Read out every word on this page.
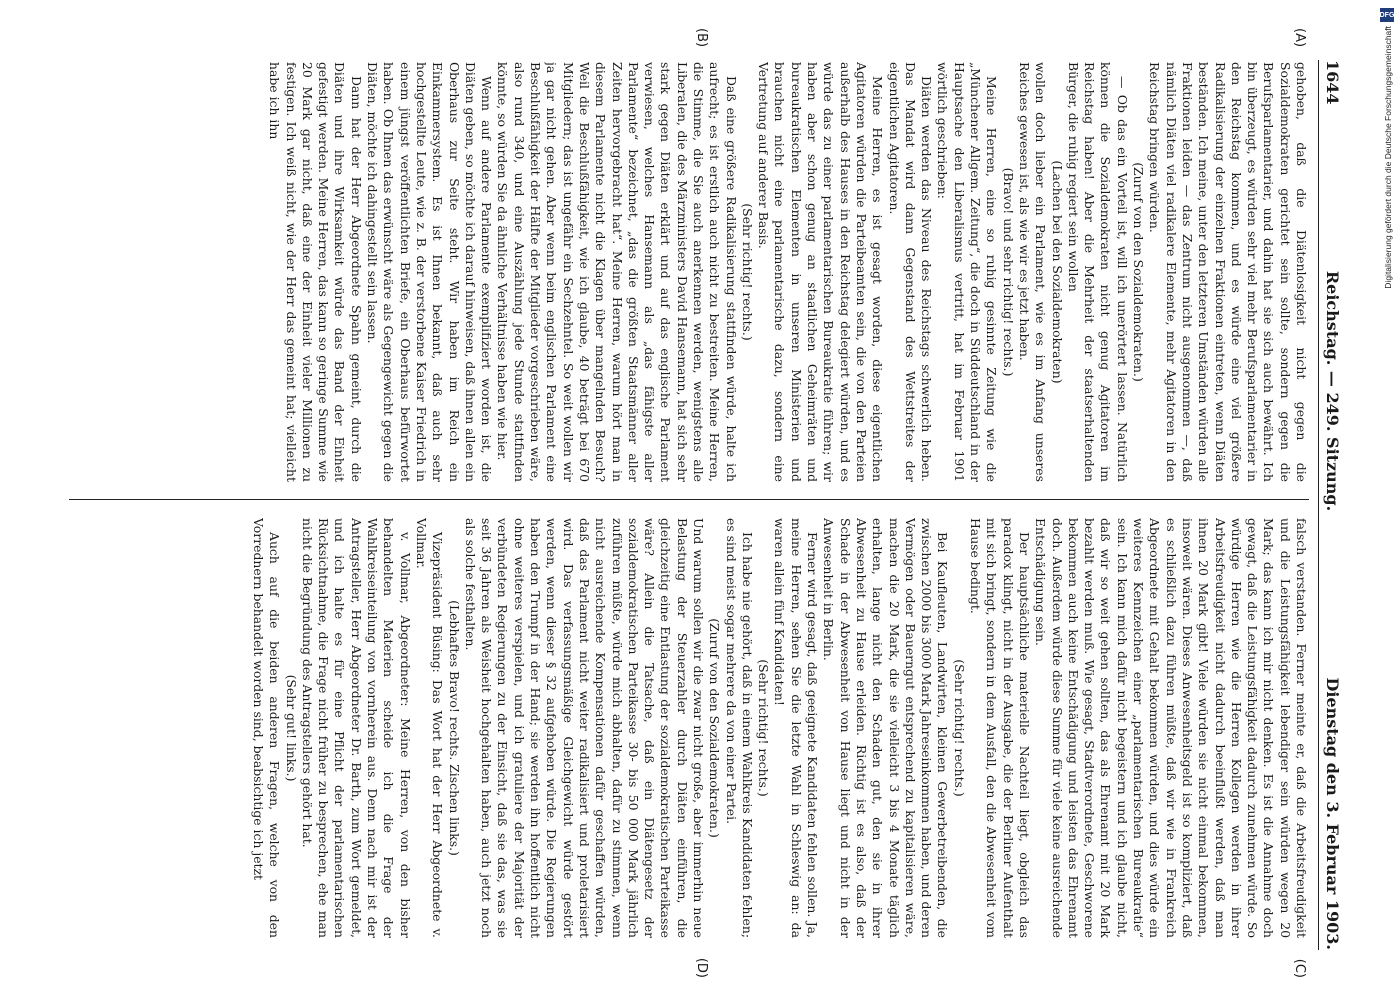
1644
Reichstag. — 249. Sitzung.
Dienstag den 3. Februar 1903.

gehoben, daß die Diätenlosigkeit nicht gegen die Sozialdemokraten gerichtet sein sollte, sondern gegen die Berufsparlamentarier, und dahin hat sie sich auch bewährt. Ich bin überzeugt, es würden sehr viel mehr Berufsparlamentarier in den Reichstag kommen, und es würde eine viel größere Radikalisierung der einzelnen Fraktionen eintreten, wenn Diäten beständen. Ich meine, unter den letzteren Umständen würden alle Fraktionen leiden — das Zentrum nicht ausgenommen —, daß nämlich Diäten viel radikalere Elemente, mehr Agitatoren in den Reichstag bringen würden.

(Zuruf von den Sozialdemokraten.)

— Ob das ein Vorteil ist, will ich unerörtert lassen. Natürlich können die Sozialdemokraten nicht genug Agitatoren im Reichstag haben! Aber die Mehrheit der staatserhaltenden Bürger, die ruhig regiert sein wollen

(Lachen bei den Sozialdemokraten)

wollen doch lieber ein Parlament, wie es im Anfang unseres Reiches gewesen ist, als wie wir es jetzt haben.

(Bravo! und sehr richtig! rechts.)

Meine Herren, eine so ruhig gesinnte Zeitung wie die „Münchener Allgem. Zeitung“, die doch in Süddeutschland in der Hauptsache den Liberalismus vertritt, hat im Februar 1901 wörtlich geschrieben:

Diäten werden das Niveau des Reichstags schwerlich heben. Das Mandat wird dann Gegenstand des Wettstreites der eigentlichen Agitatoren.

Meine Herren, es ist gesagt worden, diese eigentlichen Agitatoren würden die Parteibeamten sein, die von den Parteien außerhalb des Hauses in den Reichstag delegiert würden, und es würde das zu einer parlamentarischen Bureaukratie führen; wir haben aber schon genug an staatlichen Geheimräten und bureaukratischen Elementen in unseren Ministerien und brauchen nicht eine parlamentarische dazu, sondern eine Vertretung auf anderer Basis.

(Sehr richtig! rechts.)

Daß eine größere Radikalisierung stattfinden würde, halte ich aufrecht; es ist erstlich auch nicht zu bestreiten. Meine Herren, die Stimme, die Sie auch anerkennen werden, wenigstens alle Liberalen, die des Märzministers David Hansemann, hat sich sehr stark gegen Diäten erklärt und auf das englische Parlament verwiesen, welches Hansemann als „das fähigste aller Parlamente“ bezeichnet, „das die größten Staatsmänner aller Zeiten hervorgebracht hat“. Meine Herren, warum hört man in diesem Parlamente nicht die Klagen über mangelnden Besuch? Weil die Beschlußfähigkeit, wie ich glaube, 40 beträgt bei 670 Mitgliedern; das ist ungefähr ein Sechzehntel. So weit wollen wir ja gar nicht gehen. Aber wenn beim englischen Parlament eine Beschlußfähigkeit der Hälfte der Mitglieder vorgeschrieben wäre, also rund 340, und eine Auszählung jede Stunde stattfinden könnte, so würden Sie da ähnliche Verhältnisse haben wie hier.

Wenn auf andere Parlamente exemplifiziert worden ist, die Diäten geben, so möchte ich darauf hinweisen, daß ihnen allen ein Oberhaus zur Seite steht. Wir haben im Reich ein Einkammersystem. Es ist Ihnen bekannt, daß auch sehr hochgestellte Leute, wie z. B. der verstorbene Kaiser Friedrich in einem jüngst veröffentlichten Briefe, ein Oberhaus befürwortet haben. Ob Ihnen das erwünscht wäre als Gegengewicht gegen die Diäten, möchte ich dahingestellt sein lassen.

Dann hat der Herr Abgeordnete Spahn gemeint, durch die Diäten und ihre Wirksamkeit würde das Band der Einheit gefestigt werden. Meine Herren, das kann so geringe Summe wie 20 Mark gar nicht, daß eine der Einheit vieler Millionen zu festigen. Ich weiß nicht, wie der Herr das gemeint hat; vielleicht habe ich ihn

falsch verstanden. Ferner meinte er, daß die Arbeitsfreudigkeit und die Leistungsfähigkeit lebendiger sein würden wegen 20 Mark; das kann ich mir nicht denken. Es ist die Annahme doch gewagt, daß die Leistungsfähigkeit dadurch zunehmen würde. So würdige Herren wie die Herren Kollegen werden in ihrer Arbeitsfreudigkeit nicht dadurch beeinflußt werden, daß man ihnen 20 Mark gibt! Viele würden sie nicht einmal bekommen, insoweit wären. Dieses Anwesenheitsgeld ist so kompliziert, daß es schließlich dazu führen müßte, daß wir wie in Frankreich Abgeordnete mit Gehalt bekommen würden, und dies würde ein weiteres Kennzeichen einer „parlamentarischen Bureaukratie“ sein. Ich kann mich dafür nicht begeistern und ich glaube nicht, daß wir so weit gehen sollten, das als Ehrenamt mit 20 Mark bezahlt werden muß. Wie gesagt, Stadtverordnete, Geschworene bekommen auch keine Entschädigung und leisten das Ehrenamt doch. Außerdem würde diese Summe für viele keine ausreichende Entschädigung sein.

Der hauptsächliche materielle Nachteil liegt, obgleich das paradox klingt, nicht in der Ausgabe, die der Berliner Aufenthalt mit sich bringt, sondern in dem Ausfall, den die Abwesenheit vom Hause bedingt.

(Sehr richtig! rechts.)

Bei Kaufleuten, Landwirten, kleinen Gewerbetreibenden, die zwischen 2000 bis 3000 Mark Jahreseinkommen haben, und deren Vermögen oder Bauerngut entsprechend zu kapitalisieren wäre, machen die 20 Mark, die sie vielleicht 3 bis 4 Monate täglich erhalten, lange nicht den Schaden gut, den sie in ihrer Abwesenheit zu Hause erleiden. Richtig ist es also, daß der Schade in der Abwesenheit von Hause liegt und nicht in der Anwesenheit in Berlin.

Ferner wird gesagt, daß geeignete Kandidaten fehlen sollen. Ja, meine Herren, sehen Sie die letzte Wahl in Schleswig an: da waren allein fünf Kandidaten!

(Sehr richtig! rechts.)

Ich habe nie gehört, daß in einem Wahlkreis Kandidaten fehlen; es sind meist sogar mehrere da von einer Partei.

(Zuruf von den Sozialdemokraten.)

Und warum sollen wir die zwar nicht große, aber immerhin neue Belastung der Steuerzahler durch Diäten einführen, die gleichzeitig eine Entlastung der sozialdemokratischen Parteikasse wäre? Allein die Tatsache, daß ein Diätengesetz der sozialdemokratischen Parteikasse 30- bis 50 000 Mark jährlich zuführen müßte, würde mich abhalten, dafür zu stimmen, wenn nicht ausreichende Kompensationen dafür geschaffen würden, daß das Parlament nicht weiter radikalisiert und proletarisiert wird. Das verfassungsmäßige Gleichgewicht würde gestört werden, wenn dieser § 32 aufgehoben würde. Die Regierungen haben den Trumpf in der Hand; sie werden ihn hoffentlich nicht ohne weiteres verspielen, und ich gratuliere der Majorität der verbündeten Regierungen zu der Einsicht, daß sie das, was sie seit 36 Jahren als Weisheit hochgehalten haben, auch jetzt noch als solche festhalten.

(Lebhaftes Bravo! rechts. Zischen links.)

Vizepräsident Büsing: Das Wort hat der Herr Abgeordnete v. Vollmar.

v. Vollmar, Abgeordneter: Meine Herren, von den bisher behandelten Materien scheide ich die Frage der Wahlkreiseinteilung von vornherein aus. Denn nach mir ist der Antragsteller, Herr Abgeordneter Dr. Barth, zum Wort gemeldet, und ich halte es für eine Pflicht der parlamentarischen Rücksichtnahme, die Frage nicht früher zu besprechen, ehe man nicht die Begründung des Antragstellers gehört hat.

(Sehr gut! links.)

Auch auf die beiden anderen Fragen, welche von den Vorrednern behandelt worden sind, beabsichtige ich jetzt

(A)
(B)
(C)
(D)
DFG
Digitalisierung gefördert durch die Deutsche Forschungsgemeinschaft
